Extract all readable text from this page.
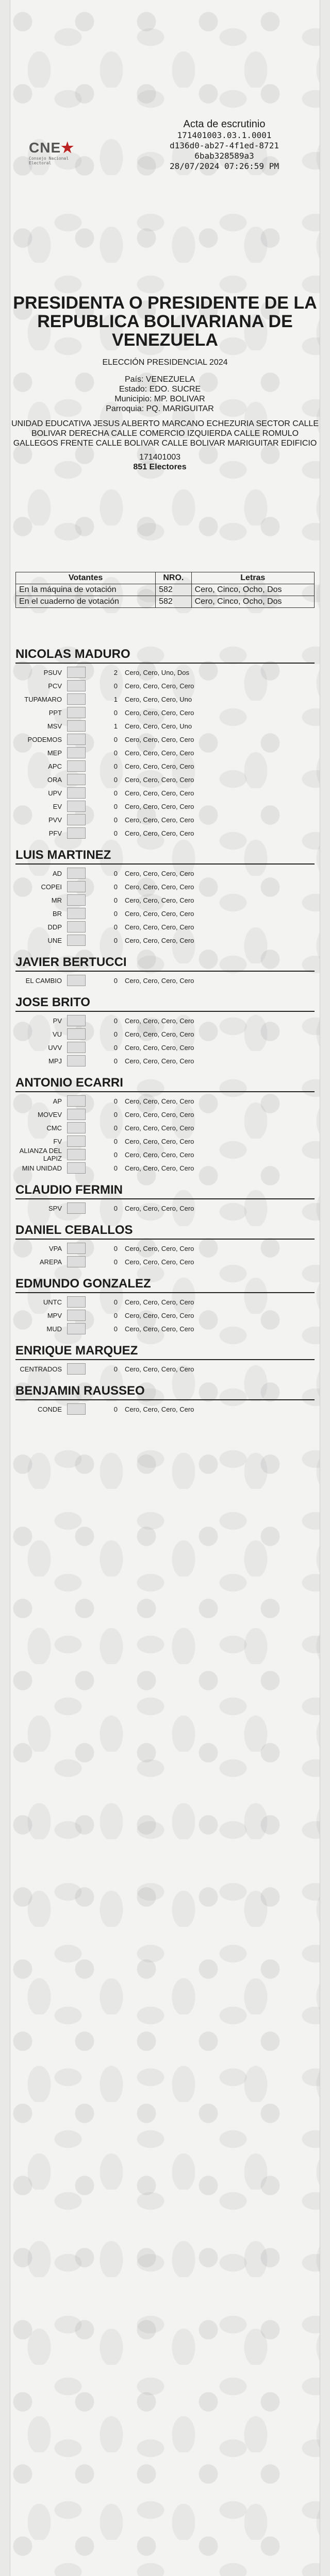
CNE★
Consejo Nacional Electoral
Acta de escrutinio
171401003.03.1.0001
d136d0-ab27-4f1ed-8721
6bab328589a3
28/07/2024 07:26:59 PM
PRESIDENTA O PRESIDENTE DE LA REPUBLICA BOLIVARIANA DE VENEZUELA
ELECCIÓN PRESIDENCIAL 2024
País: VENEZUELA
Estado: EDO. SUCRE
Municipio: MP. BOLIVAR
Parroquia: PQ. MARIGUITAR
UNIDAD EDUCATIVA JESUS ALBERTO MARCANO ECHEZURIA SECTOR CALLE BOLIVAR DERECHA CALLE COMERCIO IZQUIERDA CALLE ROMULO GALLEGOS FRENTE CALLE BOLIVAR CALLE BOLIVAR MARIGUITAR EDIFICIO
171401003
851 Electores
Votantes	NRO.	Letras
En la máquina de votación	582	Cero, Cinco, Ocho, Dos
En el cuaderno de votación	582	Cero, Cinco, Ocho, Dos
NICOLAS MADURO
PSUV	2	Cero, Cero, Uno, Dos
PCV	0	Cero, Cero, Cero, Cero
TUPAMARO	1	Cero, Cero, Cero, Uno
PPT	0	Cero, Cero, Cero, Cero
MSV	1	Cero, Cero, Cero, Uno
PODEMOS	0	Cero, Cero, Cero, Cero
MEP	0	Cero, Cero, Cero, Cero
APC	0	Cero, Cero, Cero, Cero
ORA	0	Cero, Cero, Cero, Cero
UPV	0	Cero, Cero, Cero, Cero
EV	0	Cero, Cero, Cero, Cero
PVV	0	Cero, Cero, Cero, Cero
PFV	0	Cero, Cero, Cero, Cero
LUIS MARTINEZ
AD	0	Cero, Cero, Cero, Cero
COPEI	0	Cero, Cero, Cero, Cero
MR	0	Cero, Cero, Cero, Cero
BR	0	Cero, Cero, Cero, Cero
DDP	0	Cero, Cero, Cero, Cero
UNE	0	Cero, Cero, Cero, Cero
JAVIER BERTUCCI
EL CAMBIO	0	Cero, Cero, Cero, Cero
JOSE BRITO
PV	0	Cero, Cero, Cero, Cero
VU	0	Cero, Cero, Cero, Cero
UVV	0	Cero, Cero, Cero, Cero
MPJ	0	Cero, Cero, Cero, Cero
ANTONIO ECARRI
AP	0	Cero, Cero, Cero, Cero
MOVEV	0	Cero, Cero, Cero, Cero
CMC	0	Cero, Cero, Cero, Cero
FV	0	Cero, Cero, Cero, Cero
ALIANZA DEL LAPIZ	0	Cero, Cero, Cero, Cero
MIN UNIDAD	0	Cero, Cero, Cero, Cero
CLAUDIO FERMIN
SPV	0	Cero, Cero, Cero, Cero
DANIEL CEBALLOS
VPA	0	Cero, Cero, Cero, Cero
AREPA	0	Cero, Cero, Cero, Cero
EDMUNDO GONZALEZ
UNTC	0	Cero, Cero, Cero, Cero
MPV	0	Cero, Cero, Cero, Cero
MUD	0	Cero, Cero, Cero, Cero
ENRIQUE MARQUEZ
CENTRADOS	0	Cero, Cero, Cero, Cero
BENJAMIN RAUSSEO
CONDE	0	Cero, Cero, Cero, Cero
